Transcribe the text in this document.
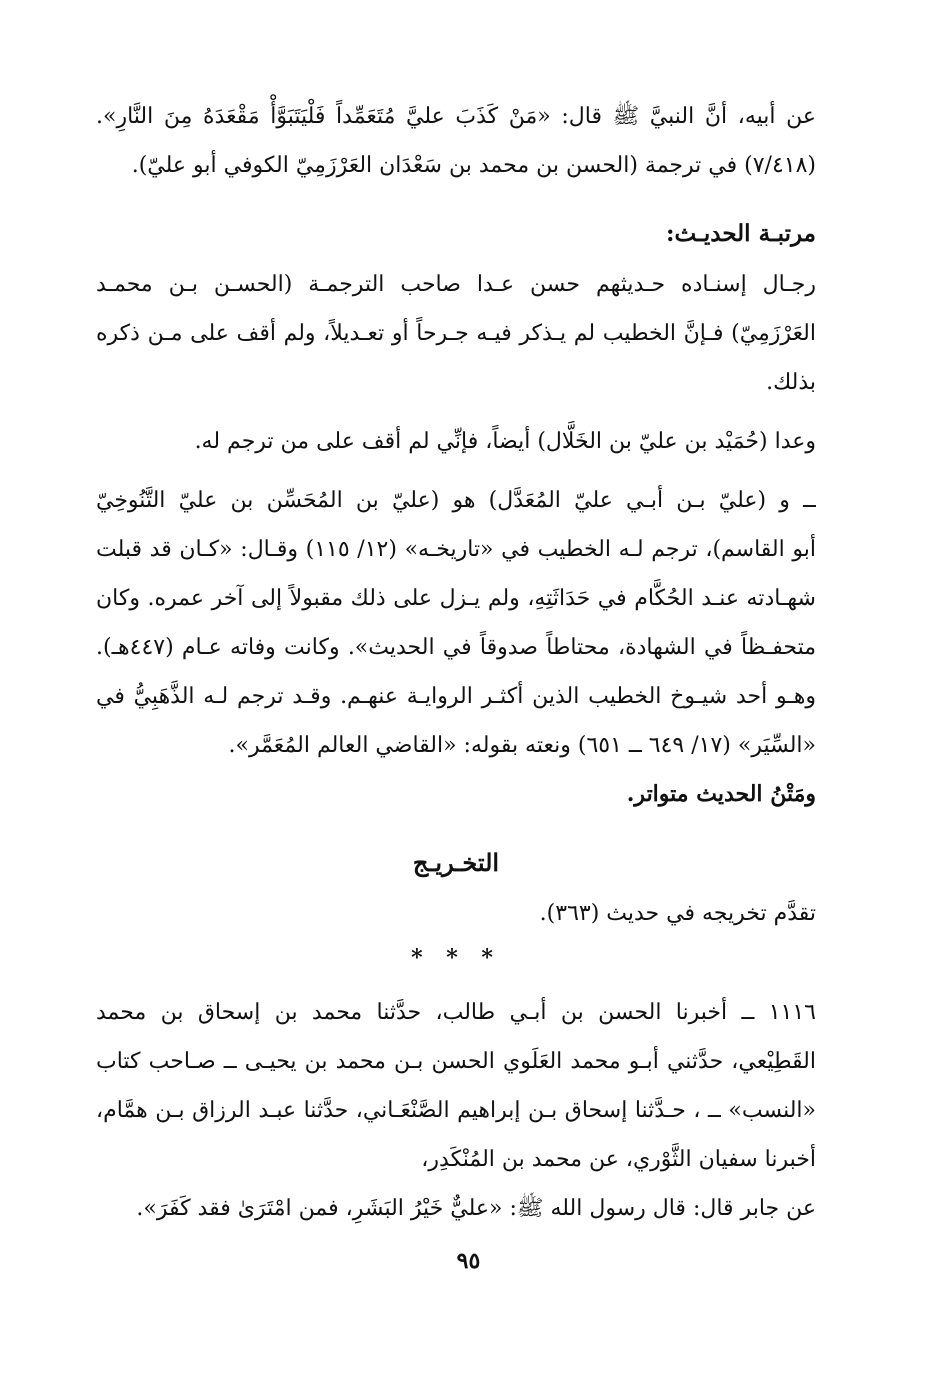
عن أبيه، أنَّ النبيَّ ﷺ قال: «مَنْ كَذَبَ عليَّ مُتَعَمِّداً فَلْيَتَبَوَّأْ مَقْعَدَهُ مِنَ النَّارِ».
(٧/٤١٨) في ترجمة (الحسن بن محمد بن سَعْدَان العَرْزَمِيّ الكوفي أبو عليّ).
مرتبـة الحديـث:
رجـال إسنـاده حـديثهم حسن عـدا صاحب الترجمـة (الحسـن بـن محمـد
العَرْزَمِيّ) فـإنَّ الخطيب لم يـذكر فيـه جـرحاً أو تعـديلاً، ولم أقف على مـن ذكره
بذلك.
وعدا (حُمَيْد بن عليّ بن الخَلَّال) أيضاً، فإنِّي لم أقف على من ترجم له.
ــ و (عليّ بـن أبـي عليّ المُعَدَّل) هو (عليّ بن المُحَسِّن بن عليّ التَّنُوخِيّ
أبو القاسم)، ترجم لـه الخطيب في «تاريخـه» (١٢/ ١١٥) وقـال: «كـان قد قبلت
شهـادته عنـد الحُكَّام في حَدَاثَتِهِ، ولم يـزل على ذلك مقبولاً إلى آخر عمره. وكان
متحفـظاً في الشهادة، محتاطاً صدوقاً في الحديث». وكانت وفاته عـام (٤٤٧هـ).
وهـو أحد شيـوخ الخطيب الذين أكثـر الروايـة عنهـم. وقـد ترجم لـه الذَّهَبِيُّ في
«السِّيَر» (١٧/ ٦٤٩ ــ ٦٥١) ونعته بقوله: «القاضي العالم المُعَمَّر».
ومَتْنُ الحديث متواتر.
التخـريـج
تقدَّم تخريجه في حديث (٣٦٣).
* * *
١١١٦ ــ أخبرنا الحسن بن أبـي طالب، حدَّثنا محمد بن إسحاق بن محمد
القَطِيْعي، حدَّثني أبـو محمد العَلَوي الحسن بـن محمد بن يحيـى ــ صـاحب كتاب
«النسب» ــ ، حـدَّثنا إسحاق بـن إبراهيم الصَّنْعَـاني، حدَّثنا عبـد الرزاق بـن همَّام،
أخبرنا سفيان الثَّوْري، عن محمد بن المُنْكَدِر،
عن جابر قال: قال رسول الله ﷺ: «عليٌّ خَيْرُ البَشَرِ، فمن امْتَرَىٰ فقد كَفَرَ».
٩٥
